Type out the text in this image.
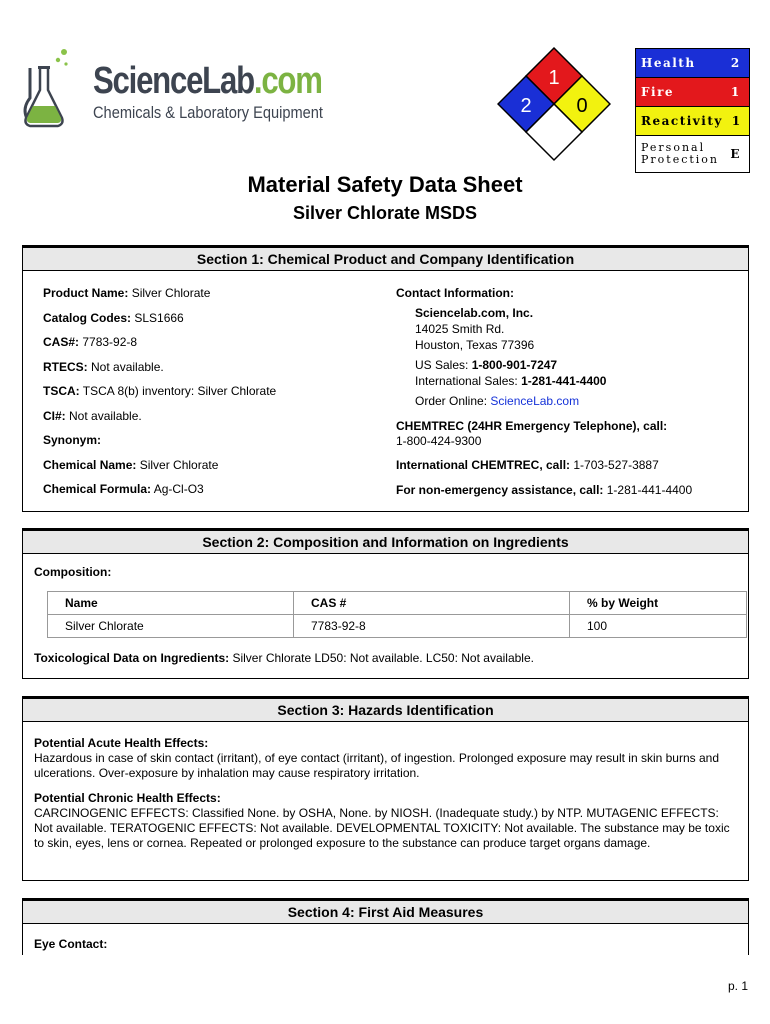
ScienceLab.com
Chemicals & Laboratory Equipment
1
2 0
Health	2
Fire	1
Reactivity 1
Personal
Protection E
Material Safety Data Sheet
Silver Chlorate MSDS
Section 1: Chemical Product and Company Identification
Product Name: Silver Chlorate
Catalog Codes: SLS1666
CAS#: 7783-92-8
RTECS: Not available.
TSCA: TSCA 8(b) inventory: Silver Chlorate
CI#: Not available.
Synonym:
Chemical Name: Silver Chlorate
Chemical Formula: Ag-Cl-O3
Contact Information:
Sciencelab.com, Inc.
14025 Smith Rd.
Houston, Texas 77396
US Sales: 1-800-901-7247
International Sales: 1-281-441-4400
Order Online: ScienceLab.com
CHEMTREC (24HR Emergency Telephone), call:
1-800-424-9300
International CHEMTREC, call: 1-703-527-3887
For non-emergency assistance, call: 1-281-441-4400
Section 2: Composition and Information on Ingredients
Composition:
Name	CAS #	% by Weight
Silver Chlorate	7783-92-8	100
Toxicological Data on Ingredients: Silver Chlorate LD50: Not available. LC50: Not available.
Section 3: Hazards Identification
Potential Acute Health Effects:
Hazardous in case of skin contact (irritant), of eye contact (irritant), of ingestion. Prolonged exposure may result in skin burns and ulcerations. Over-exposure by inhalation may cause respiratory irritation.
Potential Chronic Health Effects:
CARCINOGENIC EFFECTS: Classified None. by OSHA, None. by NIOSH. (Inadequate study.) by NTP. MUTAGENIC EFFECTS: Not available. TERATOGENIC EFFECTS: Not available. DEVELOPMENTAL TOXICITY: Not available. The substance may be toxic to skin, eyes, lens or cornea. Repeated or prolonged exposure to the substance can produce target organs damage.
Section 4: First Aid Measures
Eye Contact:
p. 1
